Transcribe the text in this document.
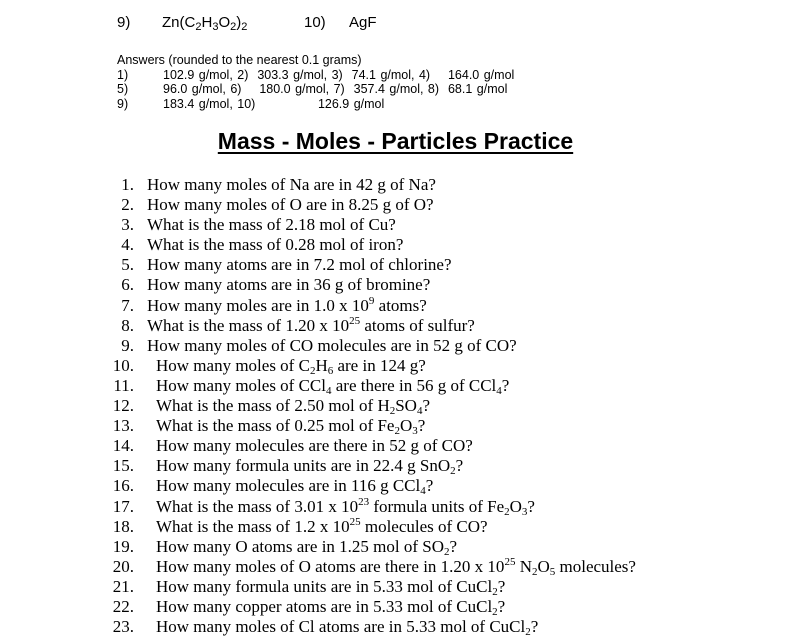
9) $Zn(C_2H_3O_2)_2$	10) AgF
Answers (rounded to the nearest 0.1 grams)
1)	102.9 g/mol, 2)  303.3 g/mol, 3)  74.1 g/mol, 4)    164.0 g/mol
5)	96.0 g/mol, 6)    180.0 g/mol, 7)  357.4 g/mol, 8)  68.1 g/mol
9)	183.4 g/mol, 10)              126.9 g/mol
Mass - Moles - Particles Practice
1. How many moles of Na are in 42 g of Na?
2. How many moles of O are in 8.25 g of O?
3. What is the mass of 2.18 mol of Cu?
4. What is the mass of 0.28 mol of iron?
5. How many atoms are in 7.2 mol of chlorine?
6. How many atoms are in 36 g of bromine?
7. How many moles are in 1.0 x $10^9$ atoms?
8. What is the mass of 1.20 x $10^{25}$ atoms of sulfur?
9. How many moles of CO molecules are in 52 g of CO?
10. How many moles of $C_2H_6$ are in 124 g?
11. How many moles of CCl$_4$ are there in 56 g of CCl$_4$?
12. What is the mass of 2.50 mol of $H_2SO_4$?
13. What is the mass of 0.25 mol of $Fe_2O_3$?
14. How many molecules are there in 52 g of CO?
15. How many formula units are in 22.4 g SnO$_2$?
16. How many molecules are in 116 g CCl$_4$?
17. What is the mass of 3.01 x $10^{23}$ formula units of $Fe_2O_3$?
18. What is the mass of 1.2 x $10^{25}$ molecules of CO?
19. How many O atoms are in 1.25 mol of $SO_2$?
20. How many moles of O atoms are there in 1.20 x $10^{25}$ $N_2O_5$ molecules?
21. How many formula units are in 5.33 mol of CuCl$_2$?
22. How many copper atoms are in 5.33 mol of CuCl$_2$?
23. How many moles of Cl atoms are in 5.33 mol of CuCl$_2$?
